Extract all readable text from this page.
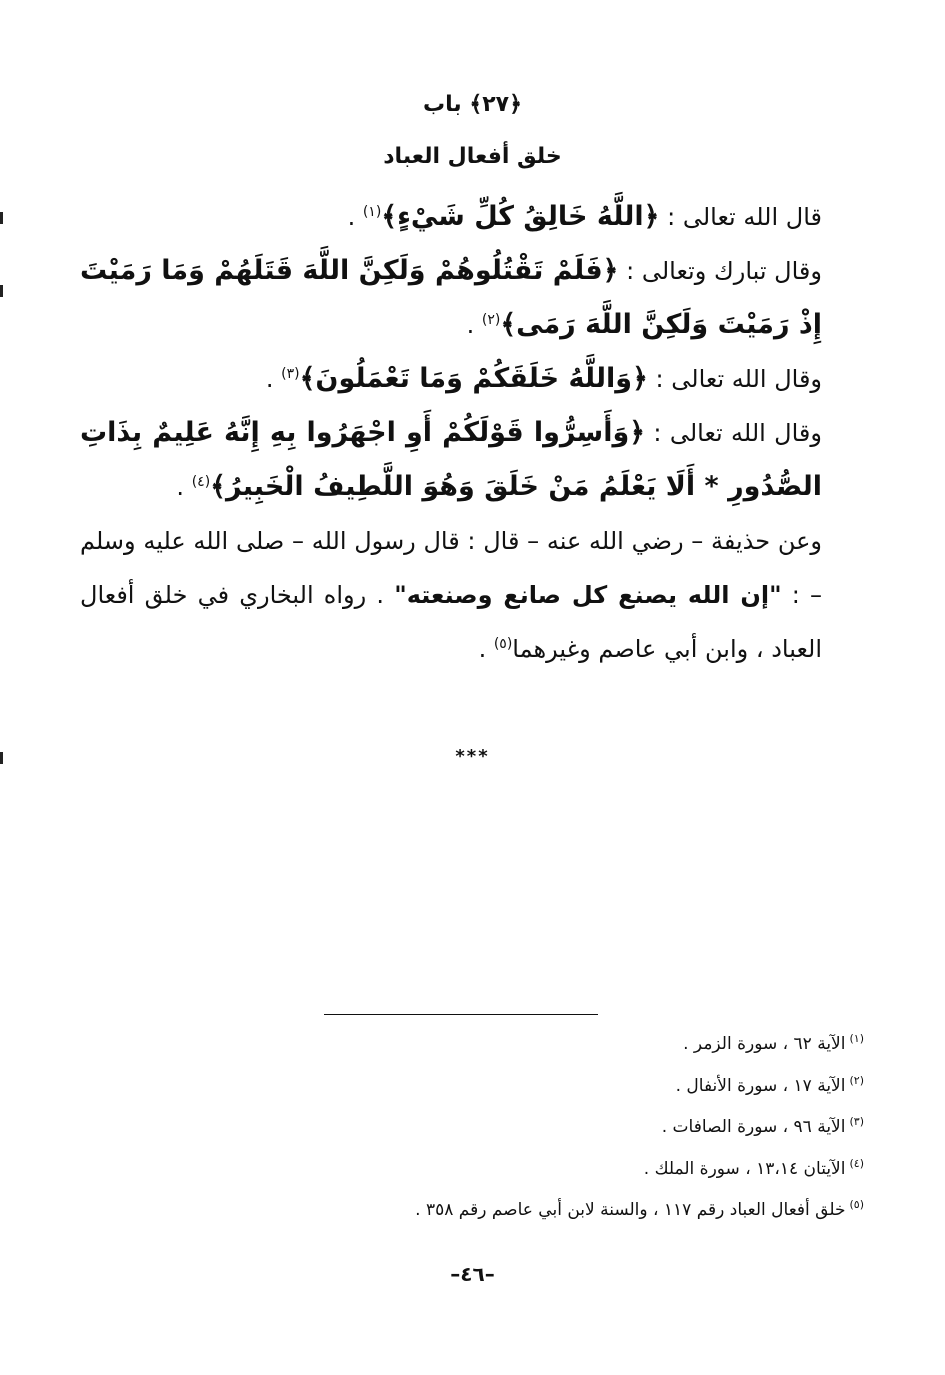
﴿٢٧﴾ باب
خلق أفعال العباد

قال الله تعالى : ﴿اللَّهُ خَالِقُ كُلِّ شَيْءٍ﴾$^{(١)}$ .

وقال تبارك وتعالى : ﴿فَلَمْ تَقْتُلُوهُمْ وَلَكِنَّ اللَّهَ قَتَلَهُمْ وَمَا رَمَيْتَ إِذْ رَمَيْتَ وَلَكِنَّ اللَّهَ رَمَى﴾$^{(٢)}$ .

وقال الله تعالى : ﴿وَاللَّهُ خَلَقَكُمْ وَمَا تَعْمَلُونَ﴾$^{(٣)}$ .

وقال الله تعالى : ﴿وَأَسِرُّوا قَوْلَكُمْ أَوِ اجْهَرُوا بِهِ إِنَّهُ عَلِيمٌ بِذَاتِ الصُّدُورِ * أَلَا يَعْلَمُ مَنْ خَلَقَ وَهُوَ اللَّطِيفُ الْخَبِيرُ﴾$^{(٤)}$ .

وعن حذيفة – رضي الله عنه – قال : قال رسول الله – صلى الله عليه وسلم – : "إن الله يصنع كل صانع وصنعته" . رواه البخاري في خلق أفعال العباد ، وابن أبي عاصم وغيرهما$^{(٥)}$ .

***
$^{(١)}$الآية ٦٢ ، سورة الزمر .
$^{(٢)}$الآية ١٧ ، سورة الأنفال .
$^{(٣)}$الآية ٩٦ ، سورة الصافات .
$^{(٤)}$الآيتان ١٣،١٤ ، سورة الملك .
$^{(٥)}$خلق أفعال العباد رقم ١١٧ ، والسنة لابن أبي عاصم رقم ٣٥٨ .
–٤٦–
